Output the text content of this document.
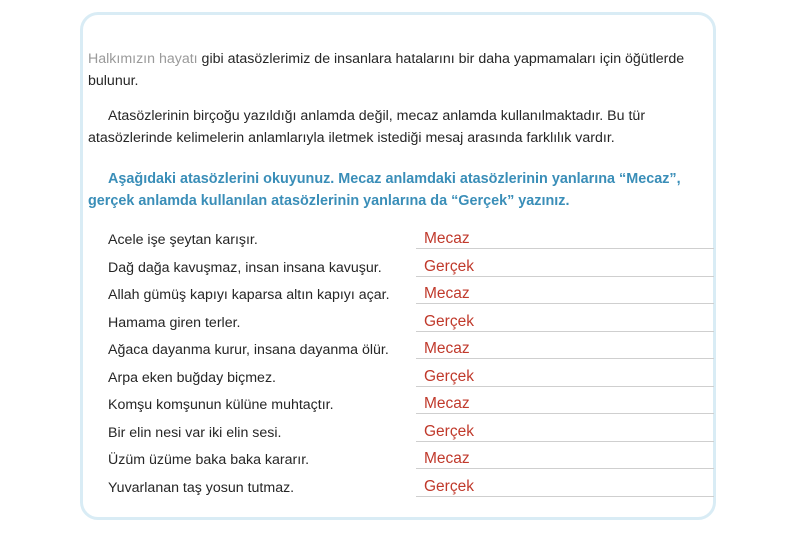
Halkımızın hayatı gibi atasözlerimiz de insanlara hatalarını bir daha yapmamaları için öğütlerde bulunur.
Atasözlerinin birçoğu yazıldığı anlamda değil, mecaz anlamda kullanılmaktadır. Bu tür atasözlerinde kelimelerin anlamlarıyla iletmek istediği mesaj arasında farklılık vardır.
Aşağıdaki atasözlerini okuyunuz. Mecaz anlamdaki atasözlerinin yanlarına “Mecaz”, gerçek anlamda kullanılan atasözlerinin yanlarına da “Gerçek” yazınız.
Acele işe şeytan karışır.	Mecaz
Dağ dağa kavuşmaz, insan insana kavuşur.	Gerçek
Allah gümüş kapıyı kaparsa altın kapıyı açar. Mecaz
Hamama giren terler.	Gerçek
Ağaca dayanma kurur, insana dayanma ölür. Mecaz
Arpa eken buğday biçmez.	Gerçek
Komşu komşunun külüne muhtaçtır.	Mecaz
Bir elin nesi var iki elin sesi.	Gerçek
Üzüm üzüme baka baka kararır.	Mecaz
Yuvarlanan taş yosun tutmaz.	Gerçek
